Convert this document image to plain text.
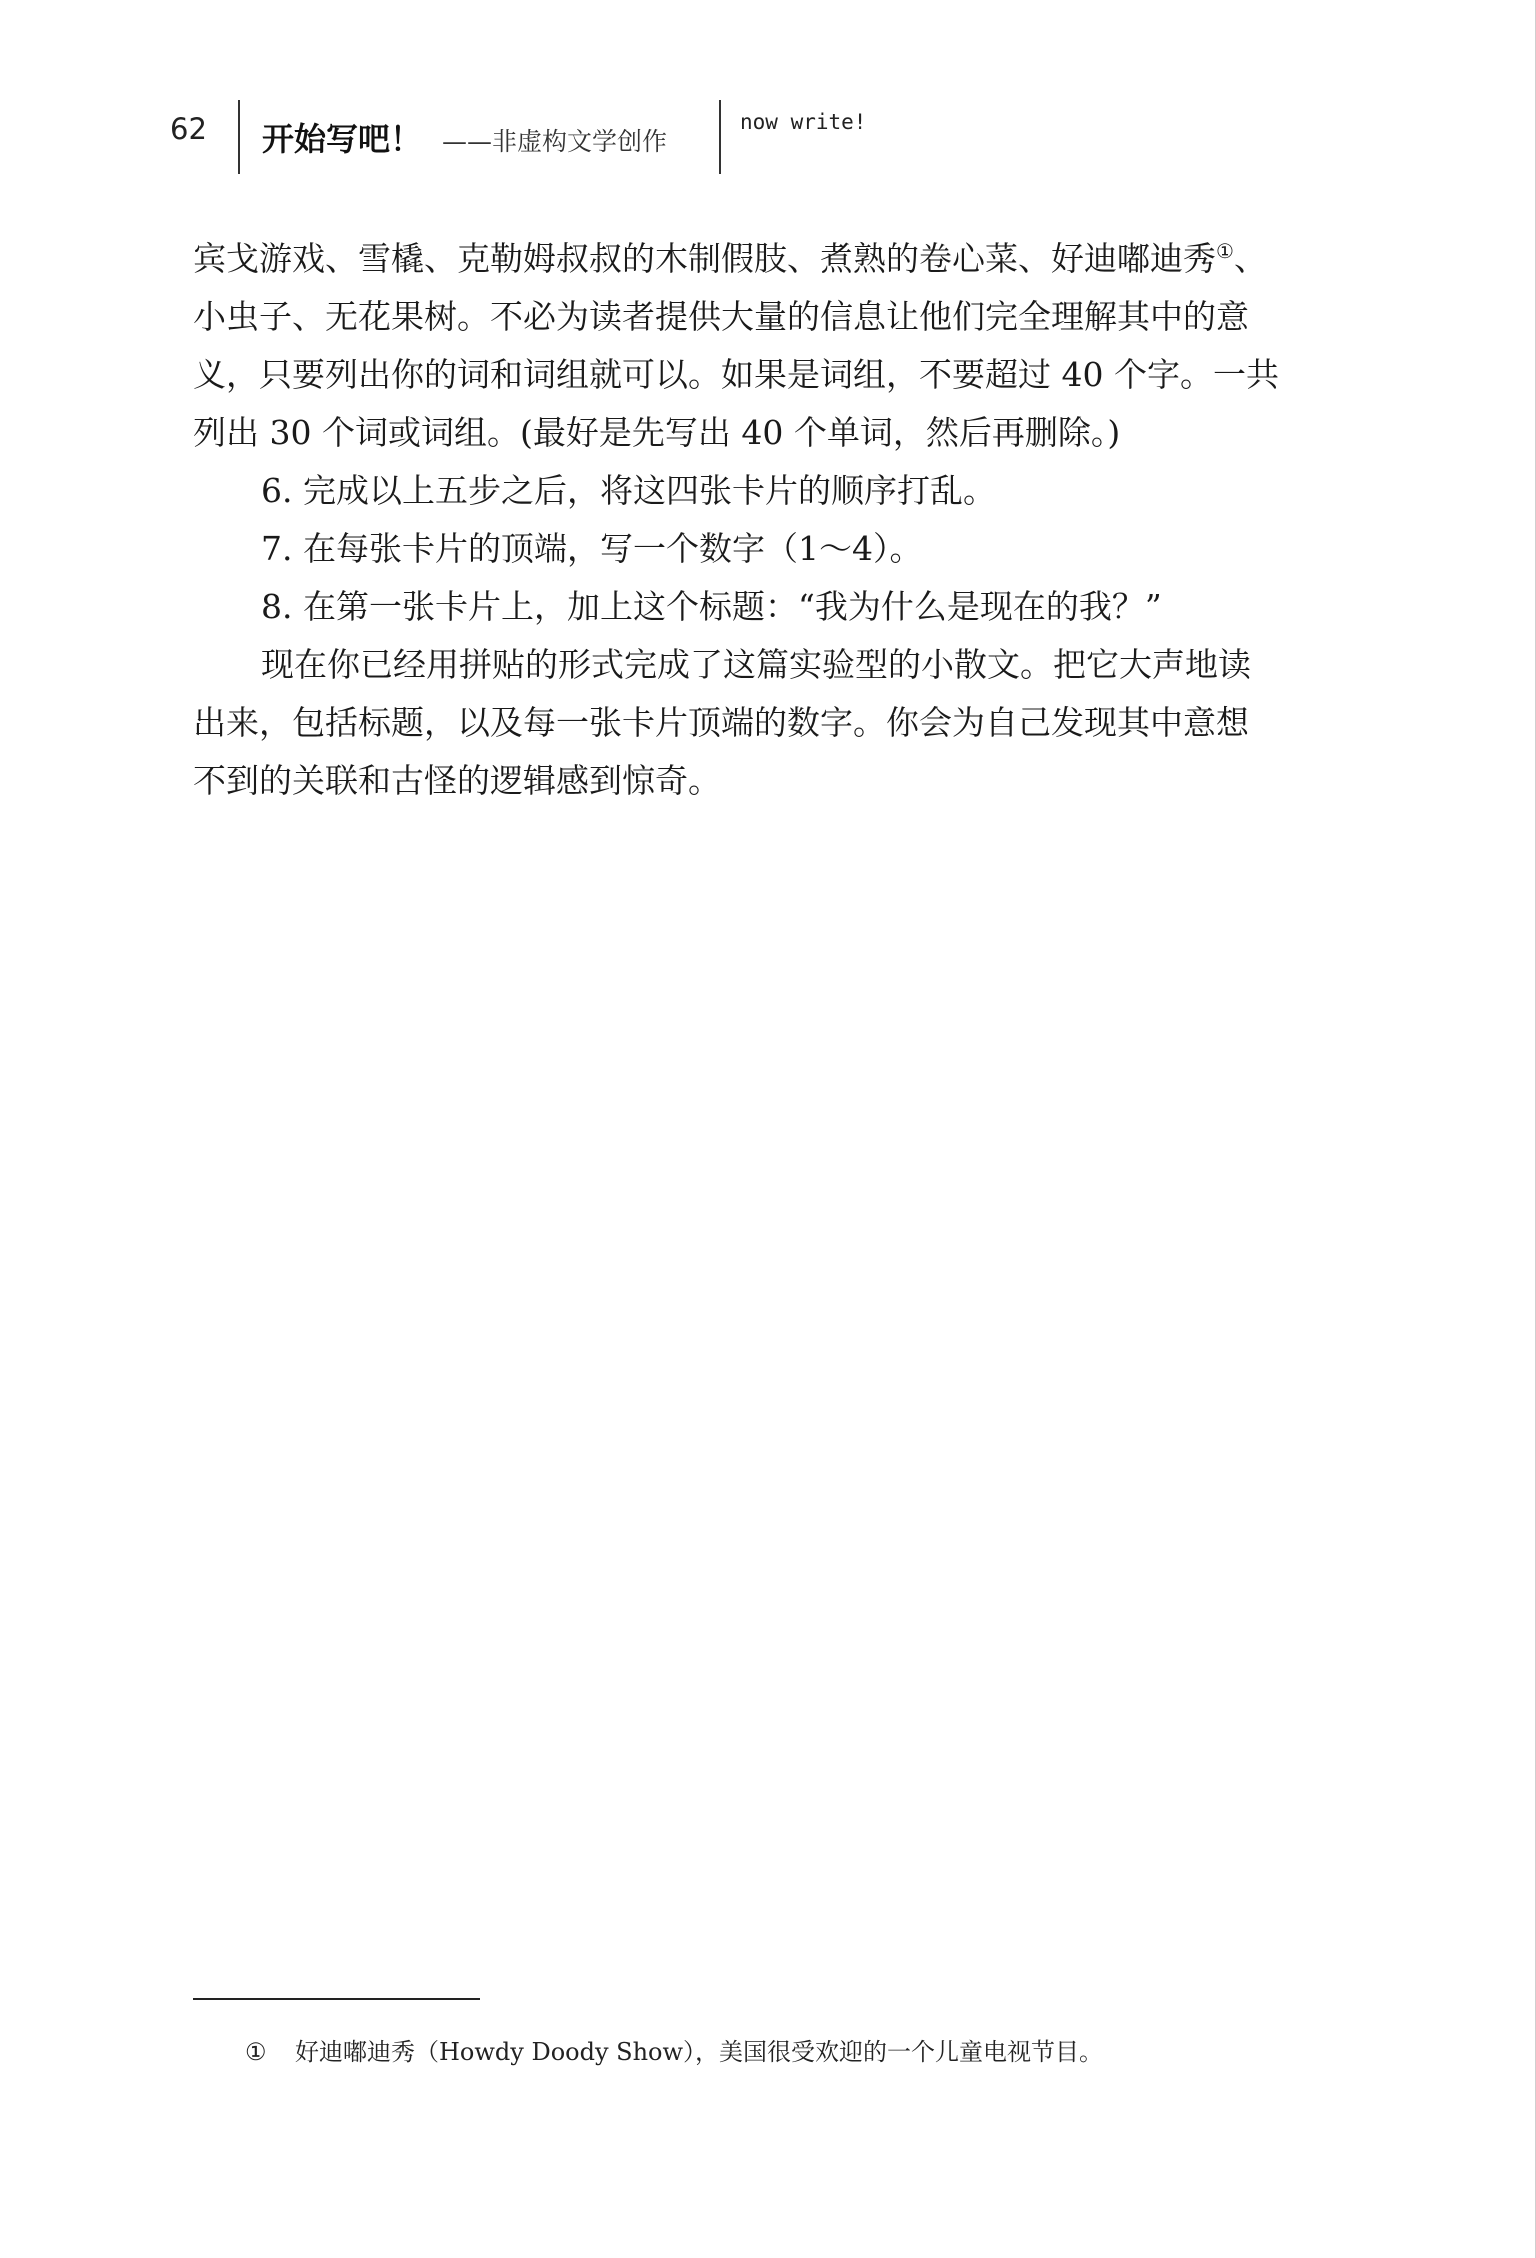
62 开始写吧！ ——非虚构文学创作
now write!
宾戈游戏、雪橇、克勒姆叔叔的木制假肢、煮熟的卷心菜、好迪嘟迪秀①、
小虫子、无花果树。不必为读者提供大量的信息让他们完全理解其中的意
义，只要列出你的词和词组就可以。如果是词组，不要超过 40 个字。一共
列出 30 个词或词组。(最好是先写出 40 个单词，然后再删除。)
6. 完成以上五步之后，将这四张卡片的顺序打乱。
7. 在每张卡片的顶端，写一个数字（1～4）。
8. 在第一张卡片上，加上这个标题：“我为什么是现在的我？”
现在你已经用拼贴的形式完成了这篇实验型的小散文。把它大声地读
出来，包括标题，以及每一张卡片顶端的数字。你会为自己发现其中意想
不到的关联和古怪的逻辑感到惊奇。
① 好迪嘟迪秀（Howdy Doody Show），美国很受欢迎的一个儿童电视节目。
